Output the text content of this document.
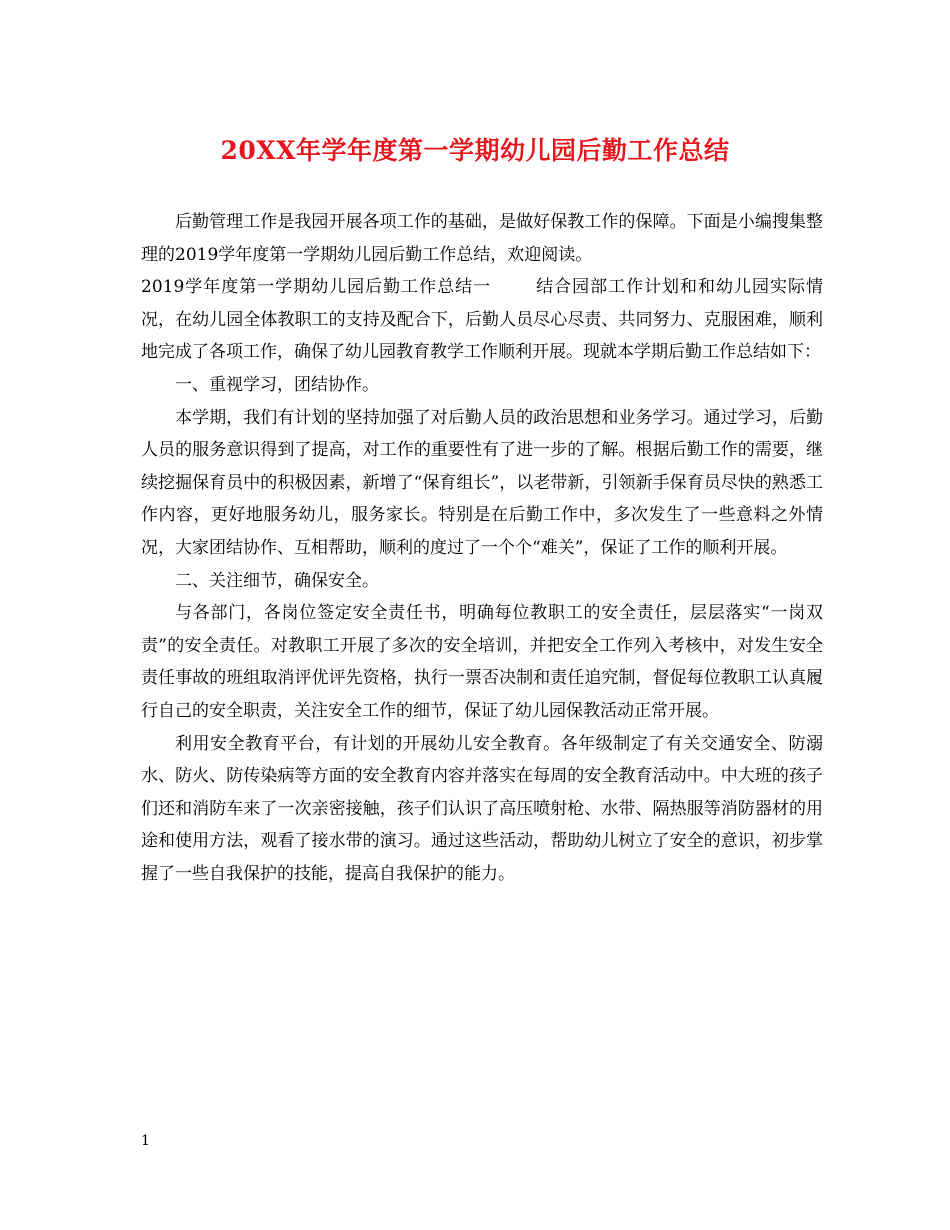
20XX年学年度第一学期幼儿园后勤工作总结

后勤管理工作是我园开展各项工作的基础，是做好保教工作的保障。下面是小编搜集整理的2019学年度第一学期幼儿园后勤工作总结，欢迎阅读。

2019学年度第一学期幼儿园后勤工作总结一	结合园部工作计划和和幼儿园实际情况，在幼儿园全体教职工的支持及配合下，后勤人员尽心尽责、共同努力、克服困难，顺利地完成了各项工作，确保了幼儿园教育教学工作顺利开展。现就本学期后勤工作总结如下：

一、重视学习，团结协作。

本学期，我们有计划的坚持加强了对后勤人员的政治思想和业务学习。通过学习，后勤人员的服务意识得到了提高，对工作的重要性有了进一步的了解。根据后勤工作的需要，继续挖掘保育员中的积极因素，新增了“保育组长”，以老带新，引领新手保育员尽快的熟悉工作内容，更好地服务幼儿，服务家长。特别是在后勤工作中，多次发生了一些意料之外情况，大家团结协作、互相帮助，顺利的度过了一个个“难关”，保证了工作的顺利开展。

二、关注细节，确保安全。

与各部门，各岗位签定安全责任书，明确每位教职工的安全责任，层层落实“一岗双责”的安全责任。对教职工开展了多次的安全培训，并把安全工作列入考核中，对发生安全责任事故的班组取消评优评先资格，执行一票否决制和责任追究制，督促每位教职工认真履行自己的安全职责，关注安全工作的细节，保证了幼儿园保教活动正常开展。

利用安全教育平台，有计划的开展幼儿安全教育。各年级制定了有关交通安全、防溺水、防火、防传染病等方面的安全教育内容并落实在每周的安全教育活动中。中大班的孩子们还和消防车来了一次亲密接触，孩子们认识了高压喷射枪、水带、隔热服等消防器材的用途和使用方法，观看了接水带的演习。通过这些活动，帮助幼儿树立了安全的意识，初步掌握了一些自我保护的技能，提高自我保护的能力。

1
